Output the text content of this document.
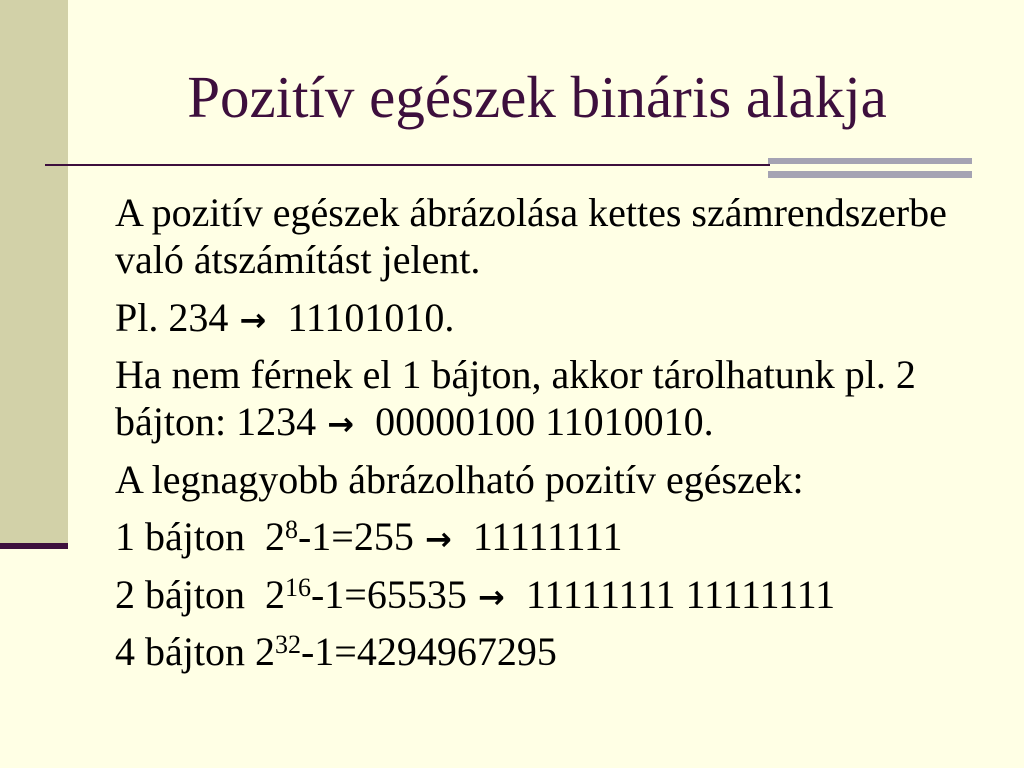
Pozitív egészek bináris alakja
A pozitív egészek ábrázolása kettes számrendszerbe
való átszámítást jelent.
Pl. 234 → 11101010.
Ha nem férnek el 1 bájton, akkor tárolhatunk pl. 2
bájton: 1234 → 00000100 11010010.
A legnagyobb ábrázolható pozitív egészek:
1 bájton  $2^8-1=255 \to 11111111$
2 bájton  $2^{16}-1=65535 \to 11111111$ 11111111
4 bájton $2^{32}-1=4294967295$
